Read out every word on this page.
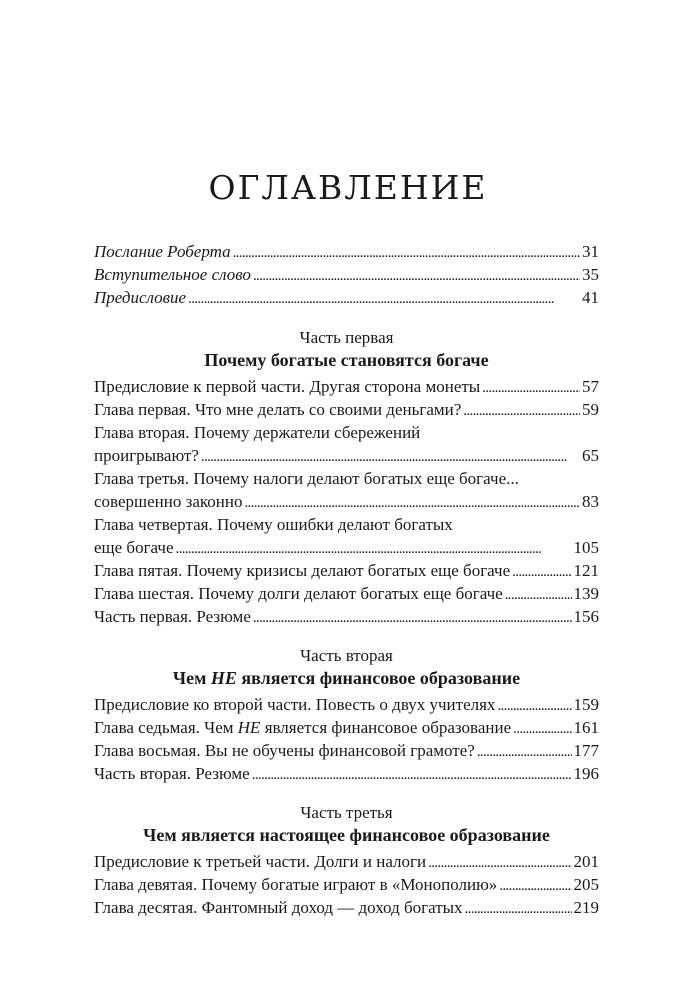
ОГЛАВЛЕНИЕ
Послание Роберта . . .	31
Вступительное слово . . .	35
Предисловие . . .	41
Часть первая
Почему богатые становятся богаче
Предисловие к первой части. Другая сторона монеты . . .	57
Глава первая. Что мне делать со своими деньгами? . . .	59
Глава вторая. Почему держатели сбережений
проигрывают? . . .	65
Глава третья. Почему налоги делают богатых еще богаче...
совершенно законно . . .	83
Глава четвертая. Почему ошибки делают богатых
еще богаче . . .	105
Глава пятая. Почему кризисы делают богатых еще богаче . . .	121
Глава шестая. Почему долги делают богатых еще богаче . . .	139
Часть первая. Резюме . . .	156
Часть вторая
Чем НЕ является финансовое образование
Предисловие ко второй части. Повесть о двух учителях . . .	159
Глава седьмая. Чем НЕ является финансовое образование . . .	161
Глава восьмая. Вы не обучены финансовой грамоте? . . .	177
Часть вторая. Резюме . . .	196
Часть третья
Чем является настоящее финансовое образование
Предисловие к третьей части. Долги и налоги . . .	201
Глава девятая. Почему богатые играют в «Монополию» . . .	205
Глава десятая. Фантомный доход — доход богатых . . .	219
